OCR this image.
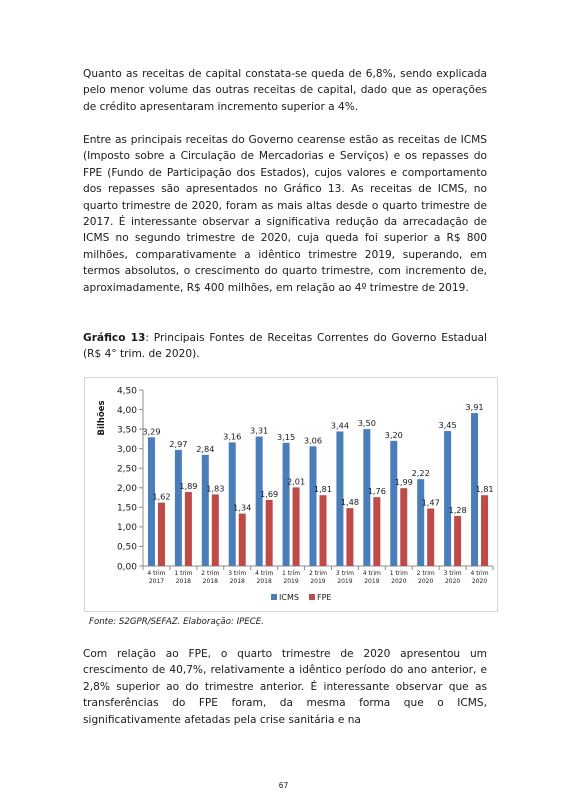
Quanto as receitas de capital constata-se queda de 6,8%, sendo explicada pelo menor volume das outras receitas de capital, dado que as operações de crédito apresentaram incremento superior a 4%.

Entre as principais receitas do Governo cearense estão as receitas de ICMS (Imposto sobre a Circulação de Mercadorias e Serviços) e os repasses do FPE (Fundo de Participação dos Estados), cujos valores e comportamento dos repasses são apresentados no Gráfico 13. As receitas de ICMS, no quarto trimestre de 2020, foram as mais altas desde o quarto trimestre de 2017. É interessante observar a significativa redução da arrecadação de ICMS no segundo trimestre de 2020, cuja queda foi superior a R$ 800 milhões, comparativamente a idêntico trimestre 2019, superando, em termos absolutos, o crescimento do quarto trimestre, com incremento de, aproximadamente, R$ 400 milhões, em relação ao 4º trimestre de 2019.

Gráfico 13: Principais Fontes de Receitas Correntes do Governo Estadual (R$ 4° trim. de 2020).

0,00
0,50
1,00
1,50
2,00
2,50
3,00
3,50
4,00
4,50
Bilhões
4 trim
2017
1 trim
2018
2 trim
2018
3 trim
2018
4 trim
2018
1 trim
2019
2 trim
2019
3 trim
2019
4 trim
2019
1 trim
2020
2 trim
2020
3 trim
2020
4 trim
2020
3,29
2,97
2,84
3,16
3,31
3,15 3,06
3,44 3,50
3,20
2,22
3,45
3,91
1,62
1,89 1,83
1,34
1,69
2,01
1,81
1,48
1,76
1,99
1,47
1,28
1,81
ICMS FPE

Fonte: S2GPR/SEFAZ. Elaboração: IPECE.

Com relação ao FPE, o quarto trimestre de 2020 apresentou um crescimento de 40,7%, relativamente a idêntico período do ano anterior, e 2,8% superior ao do trimestre anterior. É interessante observar que as transferências do FPE foram, da mesma forma que o ICMS, significativamente afetadas pela crise sanitária e na

67
